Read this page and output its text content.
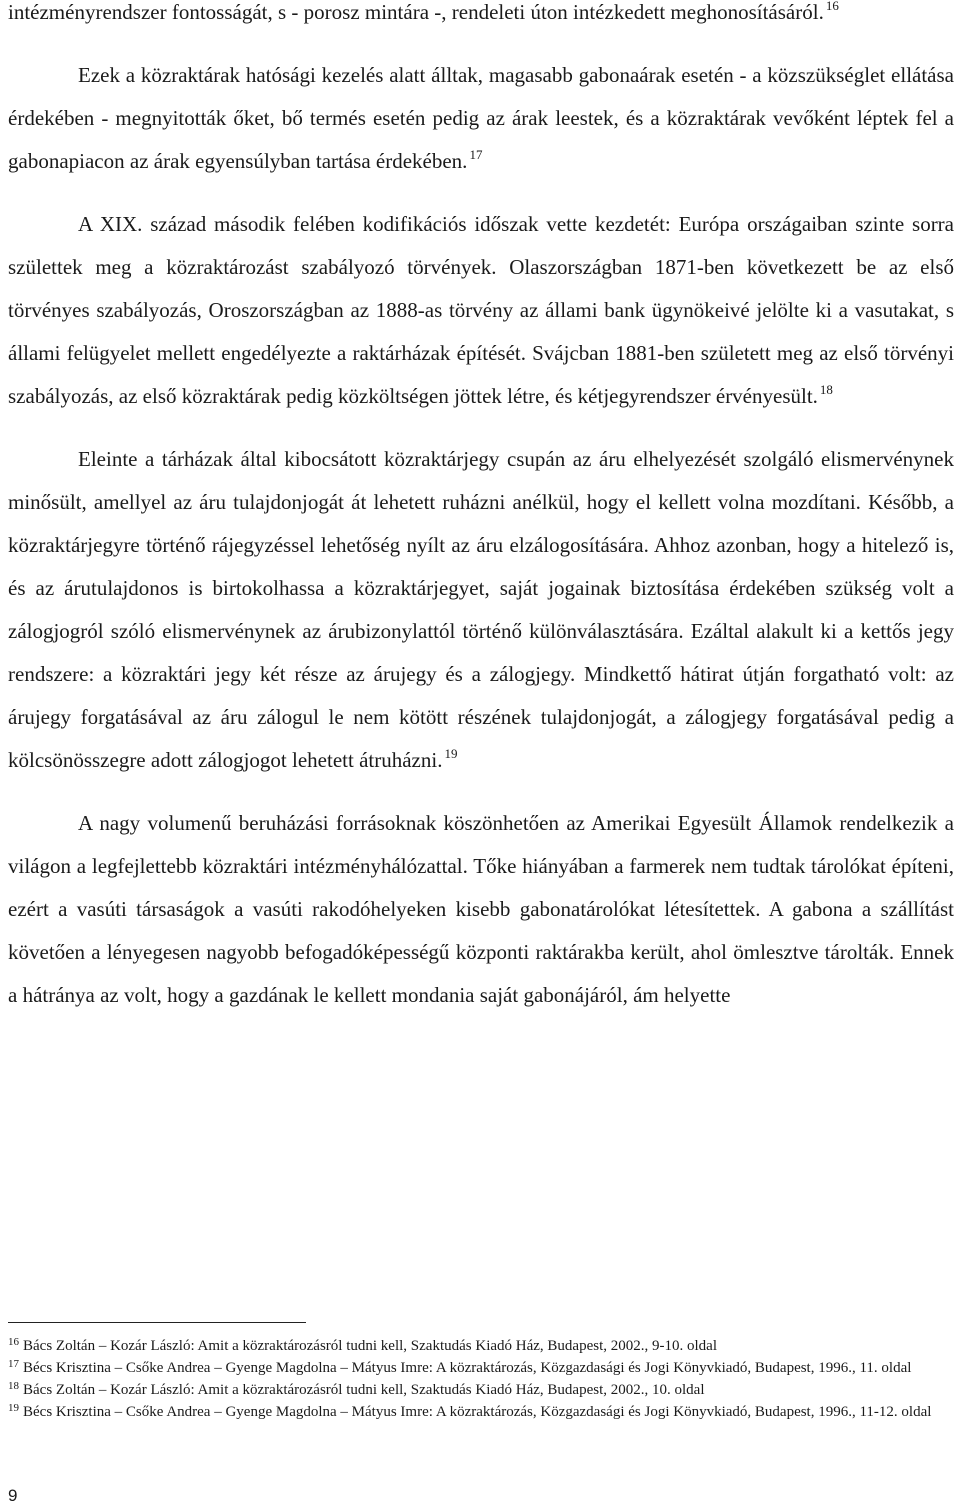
intézményrendszer fontosságát, s - porosz mintára -, rendeleti úton intézkedett meghonosításáról. $^{16}$

Ezek a közraktárak hatósági kezelés alatt álltak, magasabb gabonaárak esetén - a közszükséglet ellátása érdekében - megnyitották őket, bő termés esetén pedig az árak leestek, és a közraktárak vevőként léptek fel a gabonapiacon az árak egyensúlyban tartása érdekében. $^{17}$

A XIX. század második felében kodifikációs időszak vette kezdetét: Európa országaiban szinte sorra születtek meg a közraktározást szabályozó törvények. Olaszországban 1871-ben következett be az első törvényes szabályozás, Oroszországban az 1888-as törvény az állami bank ügynökeivé jelölte ki a vasutakat, s állami felügyelet mellett engedélyezte a raktárházak építését. Svájcban 1881-ben született meg az első törvényi szabályozás, az első közraktárak pedig közköltségen jöttek létre, és kétjegyrendszer érvényesült. $^{18}$

Eleinte a tárházak által kibocsátott közraktárjegy csupán az áru elhelyezését szolgáló elismervénynek minősült, amellyel az áru tulajdonjogát át lehetett ruházni anélkül, hogy el kellett volna mozdítani. Később, a közraktárjegyre történő rájegyzéssel lehetőség nyílt az áru elzálogosítására. Ahhoz azonban, hogy a hitelező is, és az árutulajdonos is birtokolhassa a közraktárjegyet, saját jogainak biztosítása érdekében szükség volt a zálogjogról szóló elismervénynek az árubizonylattól történő különválasztására. Ezáltal alakult ki a kettős jegy rendszere: a közraktári jegy két része az árujegy és a zálogjegy. Mindkettő hátirat útján forgatható volt: az árujegy forgatásával az áru zálogul le nem kötött részének tulajdonjogát, a zálogjegy forgatásával pedig a kölcsönösszegre adott zálogjogot lehetett átruházni. $^{19}$

A nagy volumenű beruházási forrásoknak köszönhetően az Amerikai Egyesült Államok rendelkezik a világon a legfejlettebb közraktári intézményhálózattal. Tőke hiányában a farmerek nem tudtak tárolókat építeni, ezért a vasúti társaságok a vasúti rakodóhelyeken kisebb gabonatárolókat létesítettek. A gabona a szállítást követően a lényegesen nagyobb befogadóképességű központi raktárakba került, ahol ömlesztve tárolták. Ennek a hátránya az volt, hogy a gazdának le kellett mondania saját gabonájáról, ám helyette

$^{16}$ Bács Zoltán – Kozár László: Amit a közraktározásról tudni kell, Szaktudás Kiadó Ház, Budapest, 2002., 9-10. oldal

$^{17}$ Bécs Krisztina – Csőke Andrea – Gyenge Magdolna – Mátyus Imre: A közraktározás, Közgazdasági és Jogi Könyvkiadó, Budapest, 1996., 11. oldal

$^{18}$ Bács Zoltán – Kozár László: Amit a közraktározásról tudni kell, Szaktudás Kiadó Ház, Budapest, 2002., 10. oldal

$^{19}$ Bécs Krisztina – Csőke Andrea – Gyenge Magdolna – Mátyus Imre: A közraktározás, Közgazdasági és Jogi Könyvkiadó, Budapest, 1996., 11-12. oldal

9
